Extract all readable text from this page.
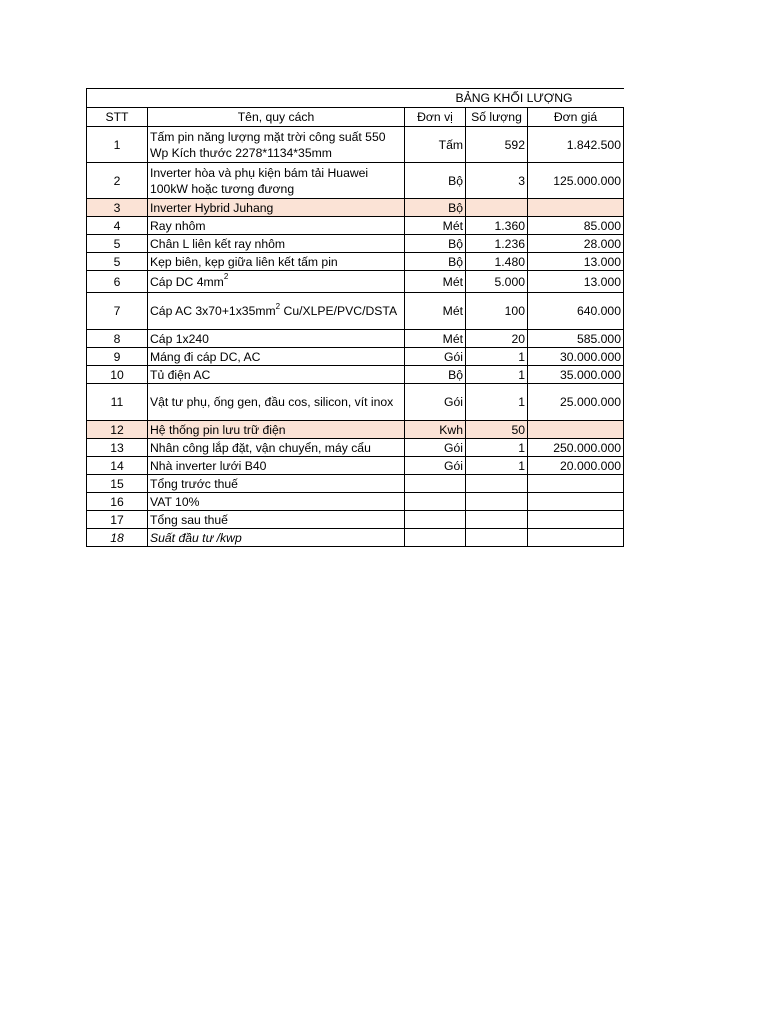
		BẢNG KHỐI LƯỢNG		
STT	Tên, quy cách	Đơn vị	Số lượng	Đơn giá
1	Tấm pin năng lượng mặt trời công suất 550 Wp Kích thước 2278*1134*35mm	Tấm	592	1.842.500
2	Inverter hòa và phụ kiện bám tải Huawei 100kW hoặc tương đương	Bộ	3	125.000.000
3	Inverter Hybrid Juhang	Bộ		
4	Ray nhôm	Mét	1.360	85.000
5	Chân L liên kết ray nhôm	Bộ	1.236	28.000
5	Kẹp biên, kẹp giữa liên kết tấm pin	Bộ	1.480	13.000
6	Cáp DC $4mm^2$	Mét	5.000	13.000
7	Cáp AC $3x70+1x35mm^2$ Cu/XLPE/PVC/DSTA	Mét	100	640.000
8	Cáp 1x240	Mét	20	585.000
9	Máng đi cáp DC, AC	Gói	1	30.000.000
10	Tủ điện AC	Bộ	1	35.000.000
11	Vật tư phụ, ống gen, đầu cos, silicon, vít inox	Gói	1	25.000.000
12	Hệ thống pin lưu trữ điện	Kwh	50	
13	Nhân công lắp đặt, vận chuyển, máy cẩu	Gói	1	250.000.000
14	Nhà inverter lưới B40	Gói	1	20.000.000
15	Tổng trước thuế			
16	VAT 10%			
17	Tổng sau thuế			
18	Suất đầu tư /kwp			
